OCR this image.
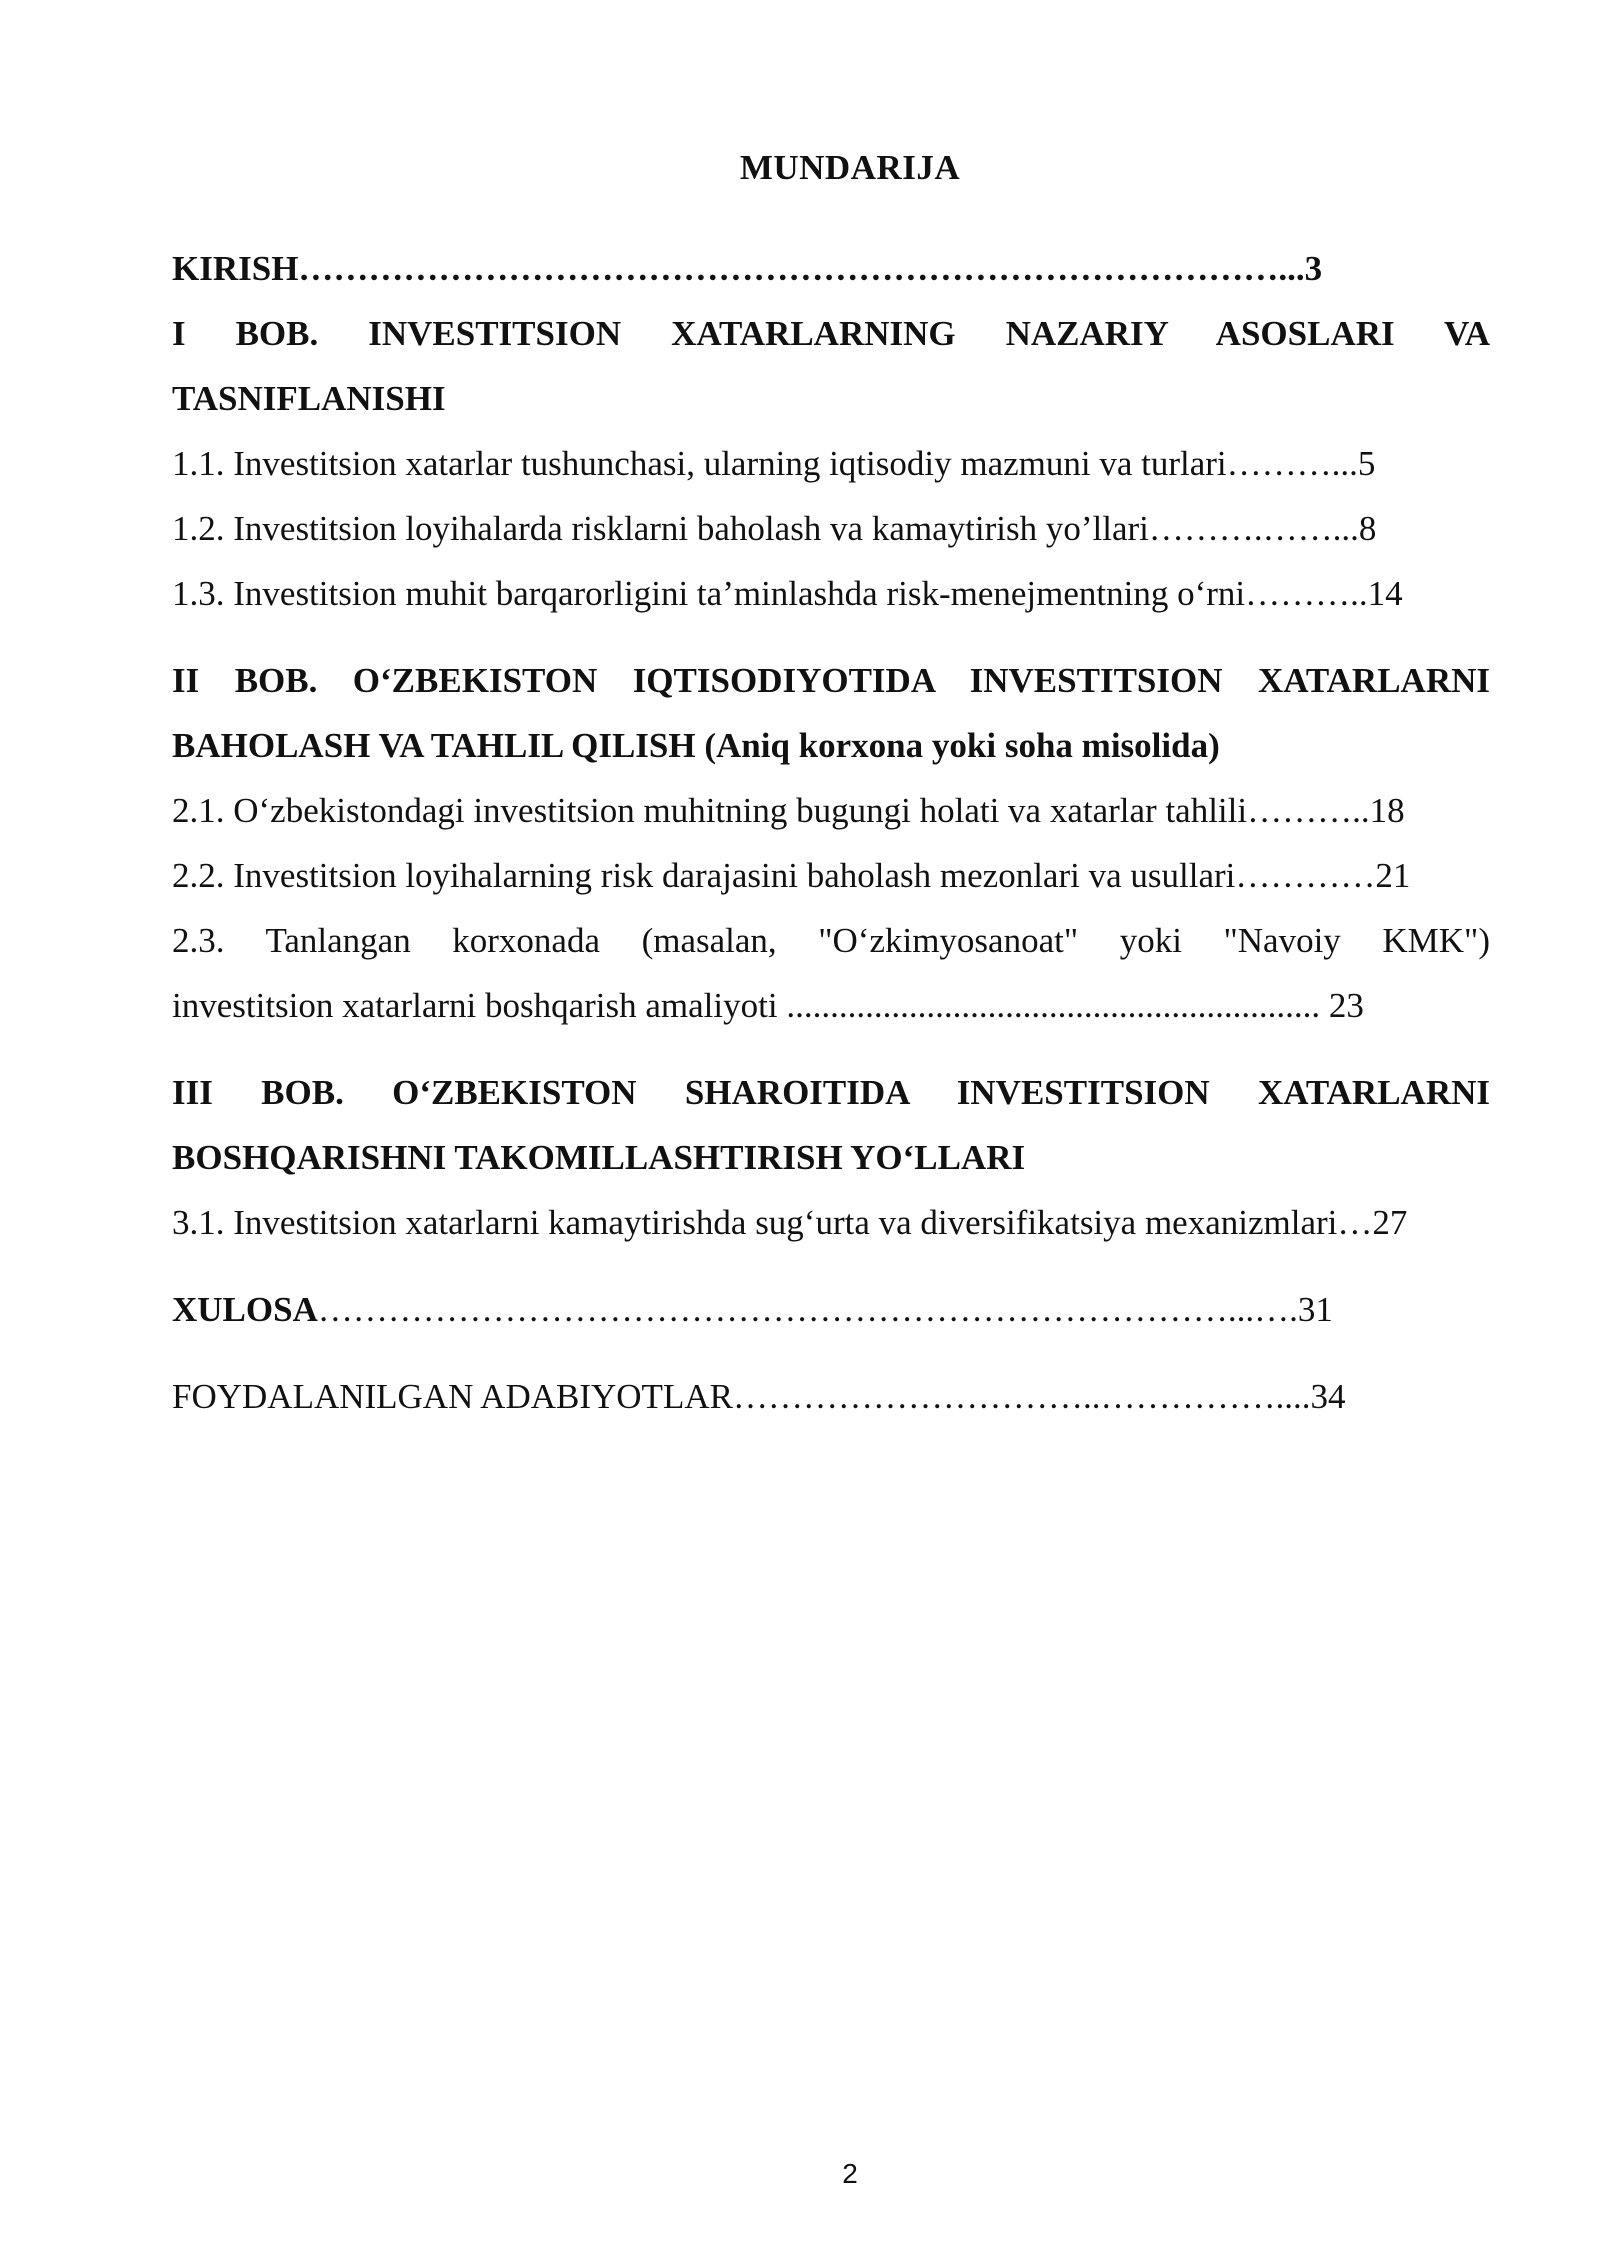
MUNDARIJA
KIRISH…………………………………………………………………………...3
I BOB. INVESTITSION XATARLARNING NAZARIY ASOSLARI VA
TASNIFLANISHI
1.1. Investitsion xatarlar tushunchasi, ularning iqtisodiy mazmuni va turlari………...5
1.2. Investitsion loyihalarda risklarni baholash va kamaytirish yo’llari……….……...8
1.3. Investitsion muhit barqarorligini ta’minlashda risk-menejmentning oʻrni………..14
II BOB. OʻZBEKISTON IQTISODIYOTIDA INVESTITSION XATARLARNI
BAHOLASH VA TAHLIL QILISH (Aniq korxona yoki soha misolida)
2.1. Oʻzbekistondagi investitsion muhitning bugungi holati va xatarlar tahlili………..18
2.2. Investitsion loyihalarning risk darajasini baholash mezonlari va usullari…………21
2.3. Tanlangan korxonada (masalan, "Oʻzkimyosanoat" yoki "Navoiy KMK")
investitsion xatarlarni boshqarish amaliyoti ............................................................. 23
III BOB. OʻZBEKISTON SHAROITIDA INVESTITSION XATARLARNI
BOSHQARISHNI TAKOMILLASHTIRISH YOʻLLARI
3.1. Investitsion xatarlarni kamaytirishda sugʻurta va diversifikatsiya mexanizmlari…27
XULOSA……………………………………………………………………...….31
FOYDALANILGAN ADABIYOTLAR…………………………..……………....34
2
